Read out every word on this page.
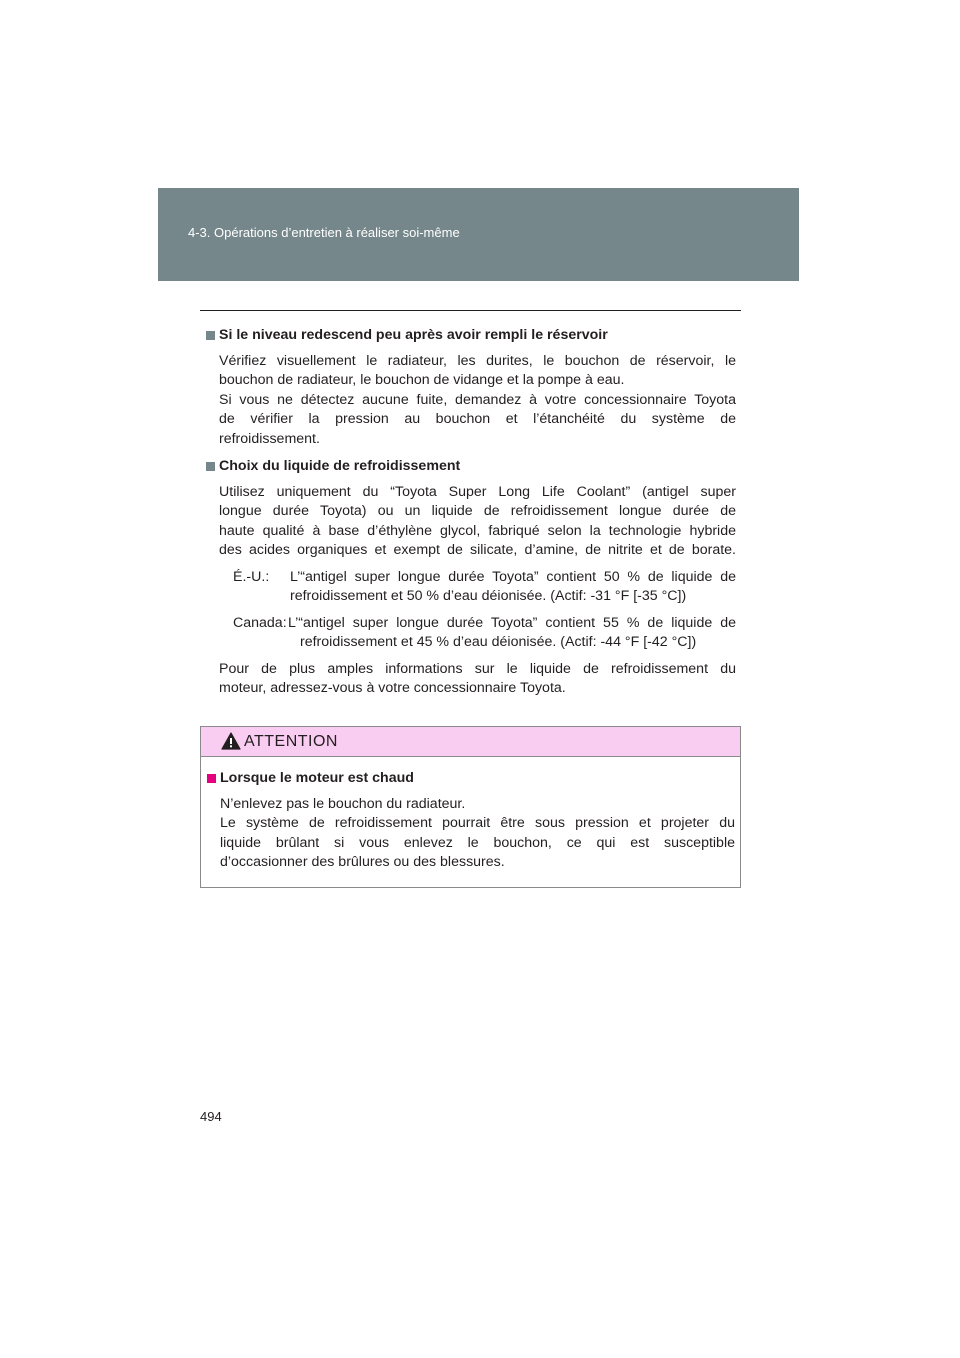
4-3. Opérations d’entretien à réaliser soi-même
Si le niveau redescend peu après avoir rempli le réservoir
Vérifiez visuellement le radiateur, les durites, le bouchon de réservoir, le
bouchon de radiateur, le bouchon de vidange et la pompe à eau.
Si vous ne détectez aucune fuite, demandez à votre concessionnaire Toyota
de vérifier la pression au bouchon et l’étanchéité du système de
refroidissement.
Choix du liquide de refroidissement
Utilisez uniquement du “Toyota Super Long Life Coolant” (antigel super
longue durée Toyota) ou un liquide de refroidissement longue durée de
haute qualité à base d’éthylène glycol, fabriqué selon la technologie hybride
des acides organiques et exempt de silicate, d’amine, de nitrite et de borate.
É.-U.:	L’“antigel super longue durée Toyota” contient 50 % de liquide de
refroidissement et 50 % d’eau déionisée. (Actif: -31 °F [-35 °C])
Canada: L’“antigel super longue durée Toyota” contient 55 % de liquide de
refroidissement et 45 % d’eau déionisée. (Actif: -44 °F [-42 °C])
Pour de plus amples informations sur le liquide de refroidissement du
moteur, adressez-vous à votre concessionnaire Toyota.
ATTENTION
Lorsque le moteur est chaud
N’enlevez pas le bouchon du radiateur.
Le système de refroidissement pourrait être sous pression et projeter du
liquide brûlant si vous enlevez le bouchon, ce qui est susceptible
d’occasionner des brûlures ou des blessures.
494
